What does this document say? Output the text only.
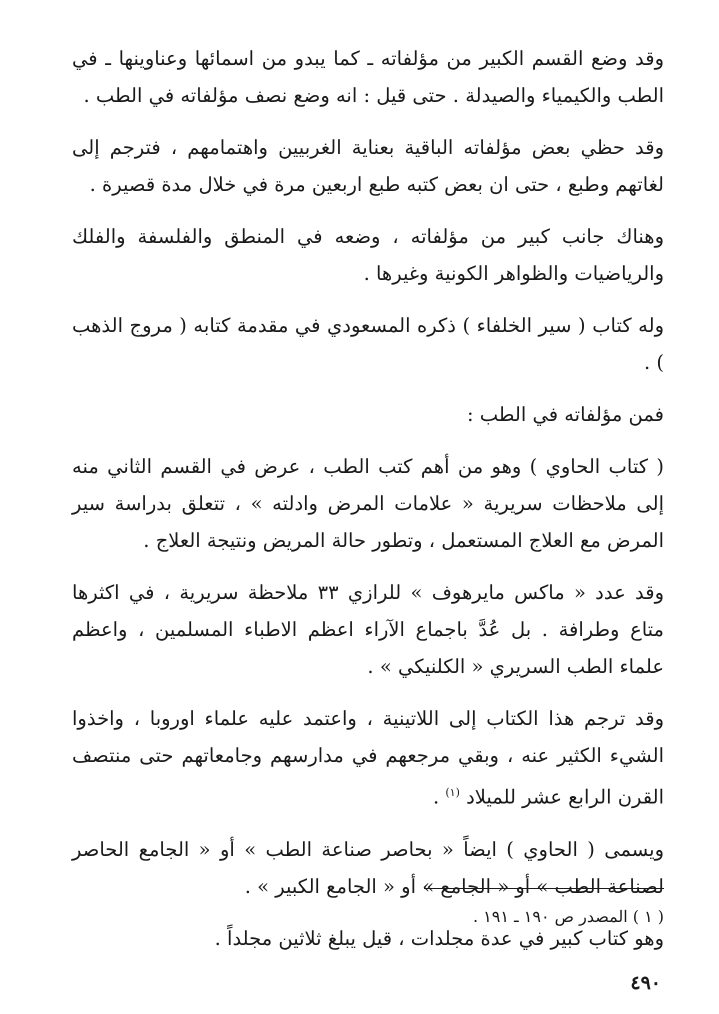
وقد وضع القسم الكبير من مؤلفاته ـ كما يبدو من اسمائها وعناوينها ـ في الطب والكيمياء والصيدلة . حتى قيل : انه وضع نصف مؤلفاته في الطب .

وقد حظي بعض مؤلفاته الباقية بعناية الغربيين واهتمامهم ، فترجم إلى لغاتهم وطبع ، حتى ان بعض كتبه طبع اربعين مرة في خلال مدة قصيرة .

وهناك جانب كبير من مؤلفاته ، وضعه في المنطق والفلسفة والفلك والرياضيات والظواهر الكونية وغيرها .

وله كتاب ( سير الخلفاء ) ذكره المسعودي في مقدمة كتابه ( مروج الذهب ) .

فمن مؤلفاته في الطب :

( كتاب الحاوي ) وهو من أهم كتب الطب ، عرض في القسم الثاني منه إلى ملاحظات سريرية « علامات المرض وادلته » ، تتعلق بدراسة سير المرض مع العلاج المستعمل ، وتطور حالة المريض ونتيجة العلاج .

وقد عدد « ماكس مايرهوف » للرازي ٣٣ ملاحظة سريرية ، في اكثرها متاع وطرافة . بل عُدَّ باجماع الآراء اعظم الاطباء المسلمين ، واعظم علماء الطب السريري « الكلنيكي » .

وقد ترجم هذا الكتاب إلى اللاتينية ، واعتمد عليه علماء اوروبا ، واخذوا الشيء الكثير عنه ، وبقي مرجعهم في مدارسهم وجامعاتهم حتى منتصف القرن الرابع عشر للميلاد $^{(١)}$ .

ويسمى ( الحاوي ) ايضاً « بحاصر صناعة الطب » أو « الجامع الحاصر لصناعة الطب » أو « الجامع » أو « الجامع الكبير » .

وهو كتاب كبير في عدة مجلدات ، قيل يبلغ ثلاثين مجلداً .

( ١ ) المصدر ص ١٩٠ ـ ١٩١ .
٤٩٠
